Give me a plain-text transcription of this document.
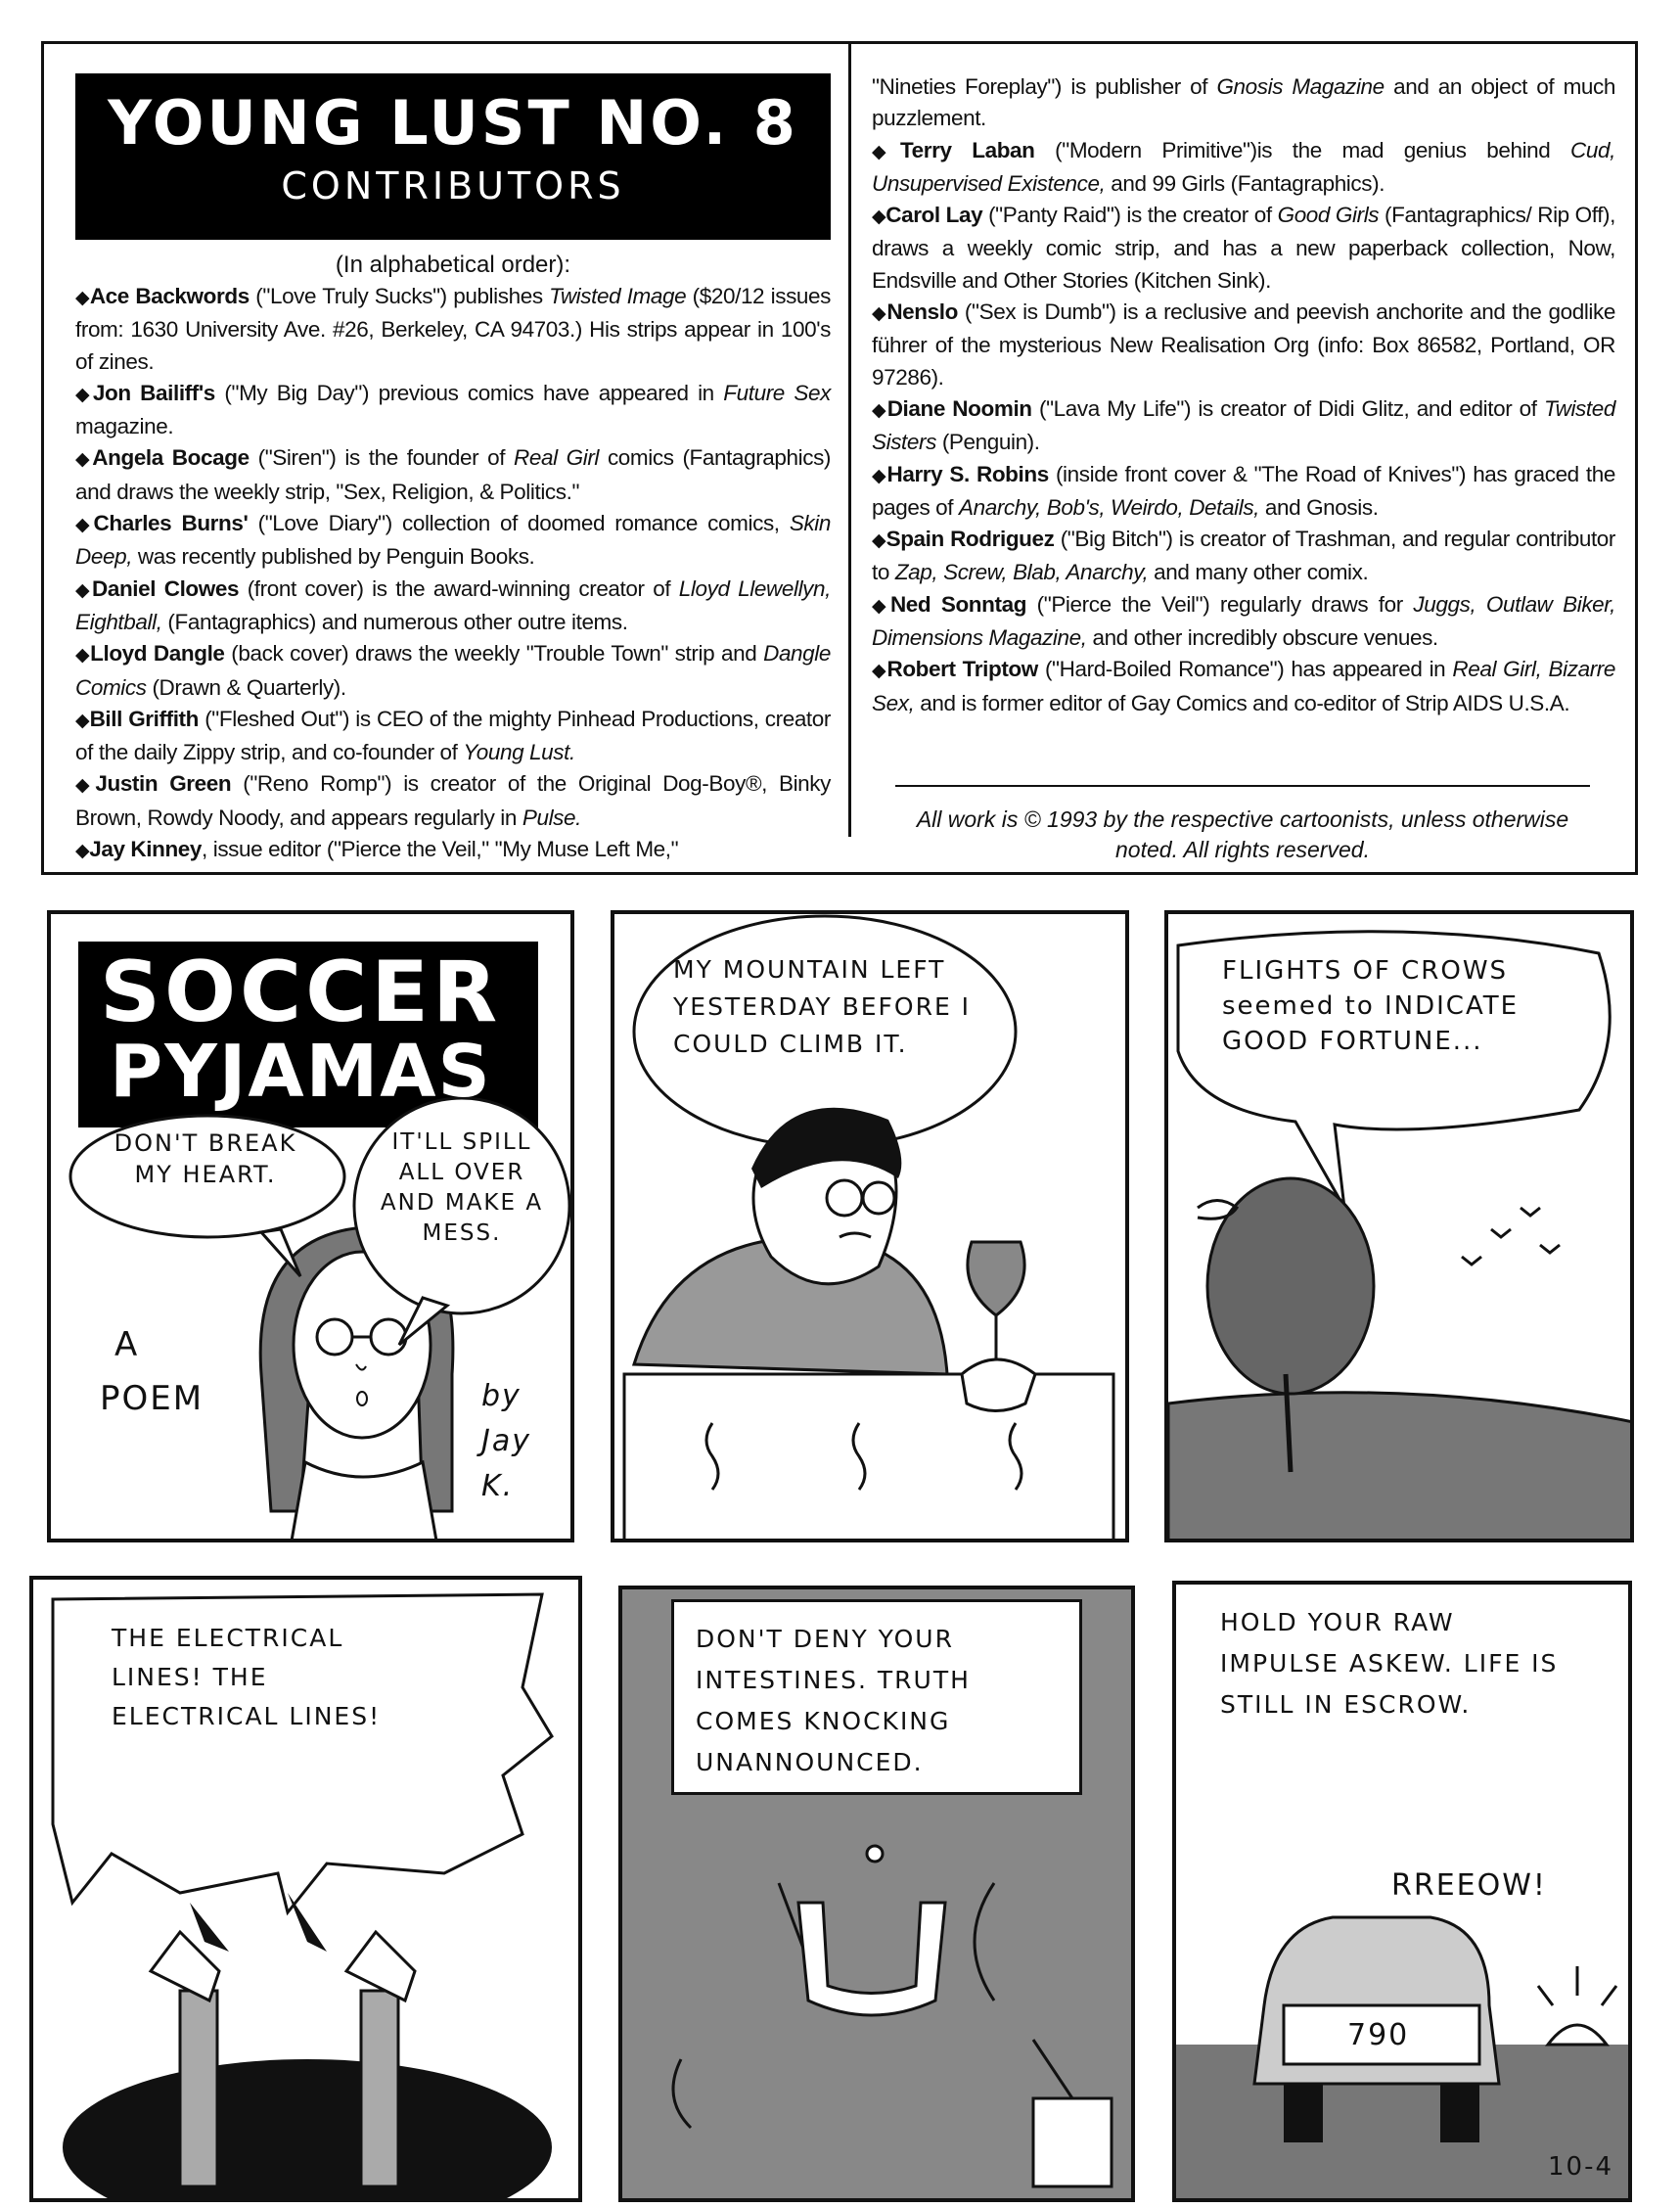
YOUNG LUST NO. 8
CONTRIBUTORS
(In alphabetical order):
◆Ace Backwords ("Love Truly Sucks") publishes Twisted Image ($20/12 issues from: 1630 University Ave. #26, Berkeley, CA 94703.) His strips appear in 100's of zines.
◆Jon Bailiff's ("My Big Day") previous comics have appeared in Future Sex magazine.
◆Angela Bocage ("Siren") is the founder of Real Girl comics (Fantagraphics) and draws the weekly strip, "Sex, Religion, & Politics."
◆Charles Burns' ("Love Diary") collection of doomed romance comics, Skin Deep, was recently published by Penguin Books.
◆Daniel Clowes (front cover) is the award-winning creator of Lloyd Llewellyn, Eightball, (Fantagraphics) and numerous other outre items.
◆Lloyd Dangle (back cover) draws the weekly "Trouble Town" strip and Dangle Comics (Drawn & Quarterly).
◆Bill Griffith ("Fleshed Out") is CEO of the mighty Pinhead Productions, creator of the daily Zippy strip, and co-founder of Young Lust.
◆Justin Green ("Reno Romp") is creator of the Original Dog-Boy®, Binky Brown, Rowdy Noody, and appears regularly in Pulse.
◆Jay Kinney, issue editor ("Pierce the Veil," "My Muse Left Me,"
"Nineties Foreplay") is publisher of Gnosis Magazine and an object of much puzzlement.
◆Terry Laban ("Modern Primitive")is the mad genius behind Cud, Unsupervised Existence, and 99 Girls (Fantagraphics).
◆Carol Lay ("Panty Raid") is the creator of Good Girls (Fantagraphics/ Rip Off), draws a weekly comic strip, and has a new paperback collection, Now, Endsville and Other Stories (Kitchen Sink).
◆Nenslo ("Sex is Dumb") is a reclusive and peevish anchorite and the godlike führer of the mysterious New Realisation Org (info: Box 86582, Portland, OR 97286).
◆Diane Noomin ("Lava My Life") is creator of Didi Glitz, and editor of Twisted Sisters (Penguin).
◆Harry S. Robins (inside front cover & "The Road of Knives") has graced the pages of Anarchy, Bob's, Weirdo, Details, and Gnosis.
◆Spain Rodriguez ("Big Bitch") is creator of Trashman, and regular contributor to Zap, Screw, Blab, Anarchy, and many other comix.
◆Ned Sonntag ("Pierce the Veil") regularly draws for Juggs, Outlaw Biker, Dimensions Magazine, and other incredibly obscure venues.
◆Robert Triptow ("Hard-Boiled Romance") has appeared in Real Girl, Bizarre Sex, and is former editor of Gay Comics and co-editor of Strip AIDS U.S.A.
All work is © 1993 by the respective cartoonists, unless otherwise noted. All rights reserved.
SOCCER
PYJAMAS
DON'T BREAK MY HEART.
IT'LL SPILL ALL OVER AND MAKE A MESS.
A
POEM	by Jay K.
MY MOUNTAIN LEFT YESTERDAY BEFORE I COULD CLIMB IT.
FLIGHTS OF CROWS seemed to INDICATE GOOD FORTUNE...
THE ELECTRICAL LINES! THE ELECTRICAL LINES!
DON'T DENY YOUR INTESTINES. TRUTH COMES KNOCKING UNANNOUNCED.
HOLD YOUR RAW IMPULSE ASKEW. LIFE IS STILL IN ESCROW.
RREEOW!
790
10-4
